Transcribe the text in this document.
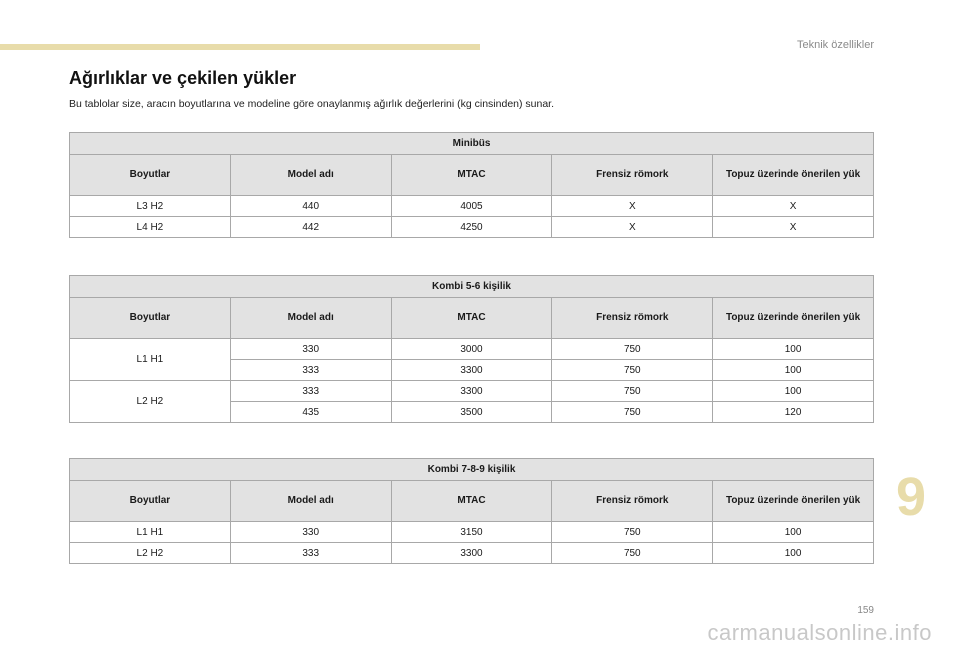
Teknik özellikler
Ağırlıklar ve çekilen yükler
Bu tablolar size, aracın boyutlarına ve modeline göre onaylanmış ağırlık değerlerini (kg cinsinden) sunar.
Minibüs				
Boyutlar	Model adı	MTAC	Frensiz römork	Topuz üzerinde önerilen yük
L3 H2	440	4005	X	X
L4 H2	442	4250	X	X
Kombi 5-6 kişilik				
Boyutlar	Model adı	MTAC	Frensiz römork	Topuz üzerinde önerilen yük
L1 H1	330	3000	750	100
	333	3300	750	100
L2 H2	333	3300	750	100
	435	3500	750	120
Kombi 7-8-9 kişilik				
Boyutlar	Model adı	MTAC	Frensiz römork	Topuz üzerinde önerilen yük
L1 H1	330	3150	750	100
L2 H2	333	3300	750	100
9
159
carmanualsonline.info
